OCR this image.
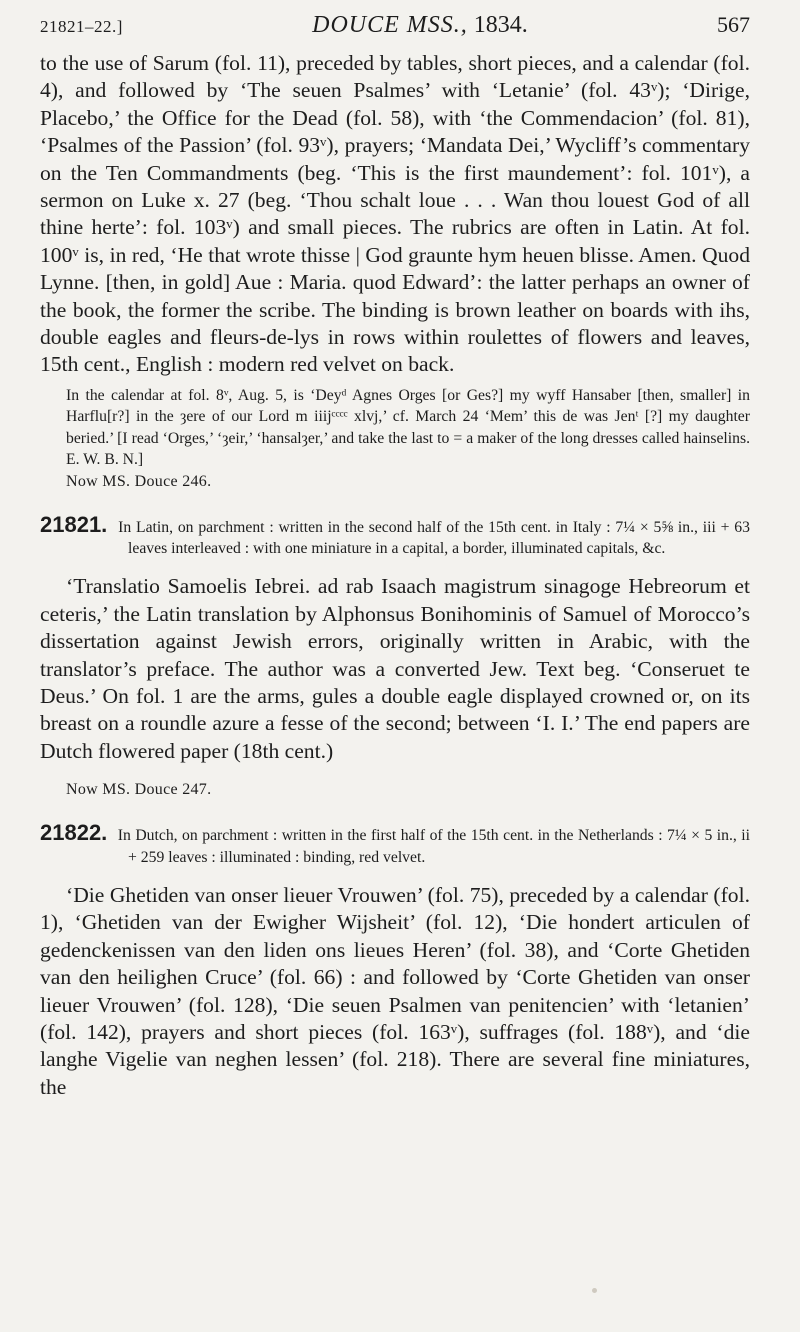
21821–22.]	DOUCE MSS., 1834.	567

to the use of Sarum (fol. 11), preceded by tables, short pieces, and a calendar (fol. 4), and followed by ‘The seuen Psalmes’ with ‘Letanie’ (fol. 43ᵛ); ‘Dirige, Placebo,’ the Office for the Dead (fol. 58), with ‘the Commendacion’ (fol. 81), ‘Psalmes of the Passion’ (fol. 93ᵛ), prayers; ‘Mandata Dei,’ Wycliff’s commentary on the Ten Commandments (beg. ‘This is the first maundement’: fol. 101ᵛ), a sermon on Luke x. 27 (beg. ‘Thou schalt loue . . . Wan thou louest God of all thine herte’: fol. 103ᵛ) and small pieces. The rubrics are often in Latin. At fol. 100ᵛ is, in red, ‘He that wrote thisse | God graunte hym heuen blisse. Amen. Quod Lynne. [then, in gold] Aue : Maria. quod Edward’: the latter perhaps an owner of the book, the former the scribe. The binding is brown leather on boards with ihs, double eagles and fleurs-de-lys in rows within roulettes of flowers and leaves, 15th cent., English : modern red velvet on back.

In the calendar at fol. 8ᵛ, Aug. 5, is ‘Deyᵈ Agnes Orges [or Ges?] my wyff Hansaber [then, smaller] in Harflu[r?] in the ȝere of our Lord m iiijᶜᶜᶜᶜ xlvj,’ cf. March 24 ‘Mem’ this de was Jenᵗ [?] my daughter beried.’ [I read ‘Orges,’ ‘ȝeir,’ ‘hansalȝer,’ and take the last to = a maker of the long dresses called hainselins. E. W. B. N.]

Now MS. Douce 246.

21821. In Latin, on parchment : written in the second half of the 15th cent. in Italy : 7¼ × 5⅝ in., iii + 63 leaves interleaved : with one miniature in a capital, a border, illuminated capitals, &c.

‘Translatio Samoelis Iebrei. ad rab Isaach magistrum sinagoge Hebreorum et ceteris,’ the Latin translation by Alphonsus Bonihominis of Samuel of Morocco’s dissertation against Jewish errors, originally written in Arabic, with the translator’s preface. The author was a converted Jew. Text beg. ‘Conseruet te Deus.’ On fol. 1 are the arms, gules a double eagle displayed crowned or, on its breast on a roundle azure a fesse of the second; between ‘I. I.’ The end papers are Dutch flowered paper (18th cent.)

Now MS. Douce 247.

21822. In Dutch, on parchment : written in the first half of the 15th cent. in the Netherlands : 7¼ × 5 in., ii + 259 leaves : illuminated : binding, red velvet.

‘Die Ghetiden van onser lieuer Vrouwen’ (fol. 75), preceded by a calendar (fol. 1), ‘Ghetiden van der Ewigher Wijsheit’ (fol. 12), ‘Die hondert articulen of gedenckenissen van den liden ons lieues Heren’ (fol. 38), and ‘Corte Ghetiden van den heilighen Cruce’ (fol. 66) : and followed by ‘Corte Ghetiden van onser lieuer Vrouwen’ (fol. 128), ‘Die seuen Psalmen van penitencien’ with ‘letanien’ (fol. 142), prayers and short pieces (fol. 163ᵛ), suffrages (fol. 188ᵛ), and ‘die langhe Vigelie van neghen lessen’ (fol. 218). There are several fine miniatures, the
